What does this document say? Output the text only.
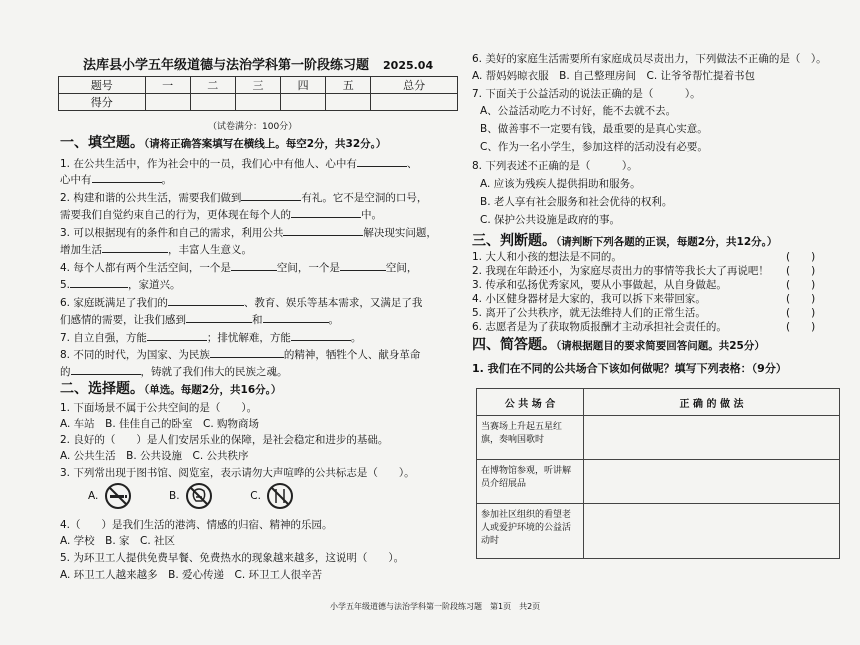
法库县小学五年级道德与法治学科第一阶段练习题 2025.04
题号	一	二	三	四	五	总分
得分						
（试卷满分：100分）
一、填空题。（请将正确答案填写在横线上。每空2分，共32分。）
1. 在公共生活中，作为社会中的一员，我们心中有他人、心中有	、
心中有	。
2. 构建和谐的公共生活，需要我们做到	有礼。它不是空洞的口号，
需要我们自觉约束自己的行为，更体现在每个人的	中。
3. 可以根据现有的条件和自己的需求，利用公共	解决现实问题，
增加生活	，丰富人生意义。
4. 每个人都有两个生活空间，一个是	空间，一个是	空间，
5.	，家道兴。
6. 家庭既满足了我们的	、教育、娱乐等基本需求，又满足了我
们感情的需要，让我们感到	和	。
7. 自立自强，方能	；排忧解难，方能	。
8. 不同的时代，为国家、为民族	的精神，牺牲个人、献身革命
的	，铸就了我们伟大的民族之魂。
二、选择题。（单选。每题2分，共16分。）
1. 下面场景不属于公共空间的是（　　）。
A. 车站　B. 佳佳自己的卧室　C. 购物商场
2. 良好的（　　）是人们安居乐业的保障，是社会稳定和进步的基础。
A. 公共生活　B. 公共设施　C. 公共秩序
3. 下列常出现于图书馆、阅览室，表示请勿大声喧哗的公共标志是（　　）。
A.	B.	C.
4.（　　）是我们生活的港湾、情感的归宿、精神的乐园。
A. 学校　B. 家　C. 社区
5. 为环卫工人提供免费早餐、免费热水的现象越来越多，这说明（　　）。
A. 环卫工人越来越多　B. 爱心传递　C. 环卫工人很辛苦
6. 美好的家庭生活需要所有家庭成员尽责出力，下列做法不正确的是（　）。
A. 帮妈妈晾衣服　B. 自己整理房间　C. 让爷爷帮忙提着书包
7. 下面关于公益活动的说法正确的是（　　　）。
A、公益活动吃力不讨好，能不去就不去。
B、做善事不一定要有钱，最重要的是真心实意。
C、作为一名小学生，参加这样的活动没有必要。
8. 下列表述不正确的是（　　　）。
A. 应该为残疾人提供捐助和服务。
B. 老人享有社会服务和社会优待的权利。
C. 保护公共设施是政府的事。
三、判断题。（请判断下列各题的正误，每题2分，共12分。）
1. 大人和小孩的想法是不同的。	(　　)
2. 我现在年龄还小，为家庭尽责出力的事情等我长大了再说吧！ (　　)
3. 传承和弘扬优秀家风，要从小事做起，从自身做起。	(　　)
4. 小区健身器材是大家的，我可以拆下来带回家。	(　　)
5. 离开了公共秩序，就无法维持人们的正常生活。	(　　)
6. 志愿者是为了获取物质报酬才主动承担社会责任的。	(　　)
四、简答题。（请根据题目的要求简要回答问题。共25分）
1. 我们在不同的公共场合下该如何做呢？填写下列表格：（9分）
公 共 场 合	正 确 的 做 法
当赛场上升起五星红旗，奏响国歌时	
在博物馆参观，听讲解员介绍展品	
参加社区组织的看望老人或爱护环境的公益活动时	
小学五年级道德与法治学科第一阶段练习题　第1页　共2页
